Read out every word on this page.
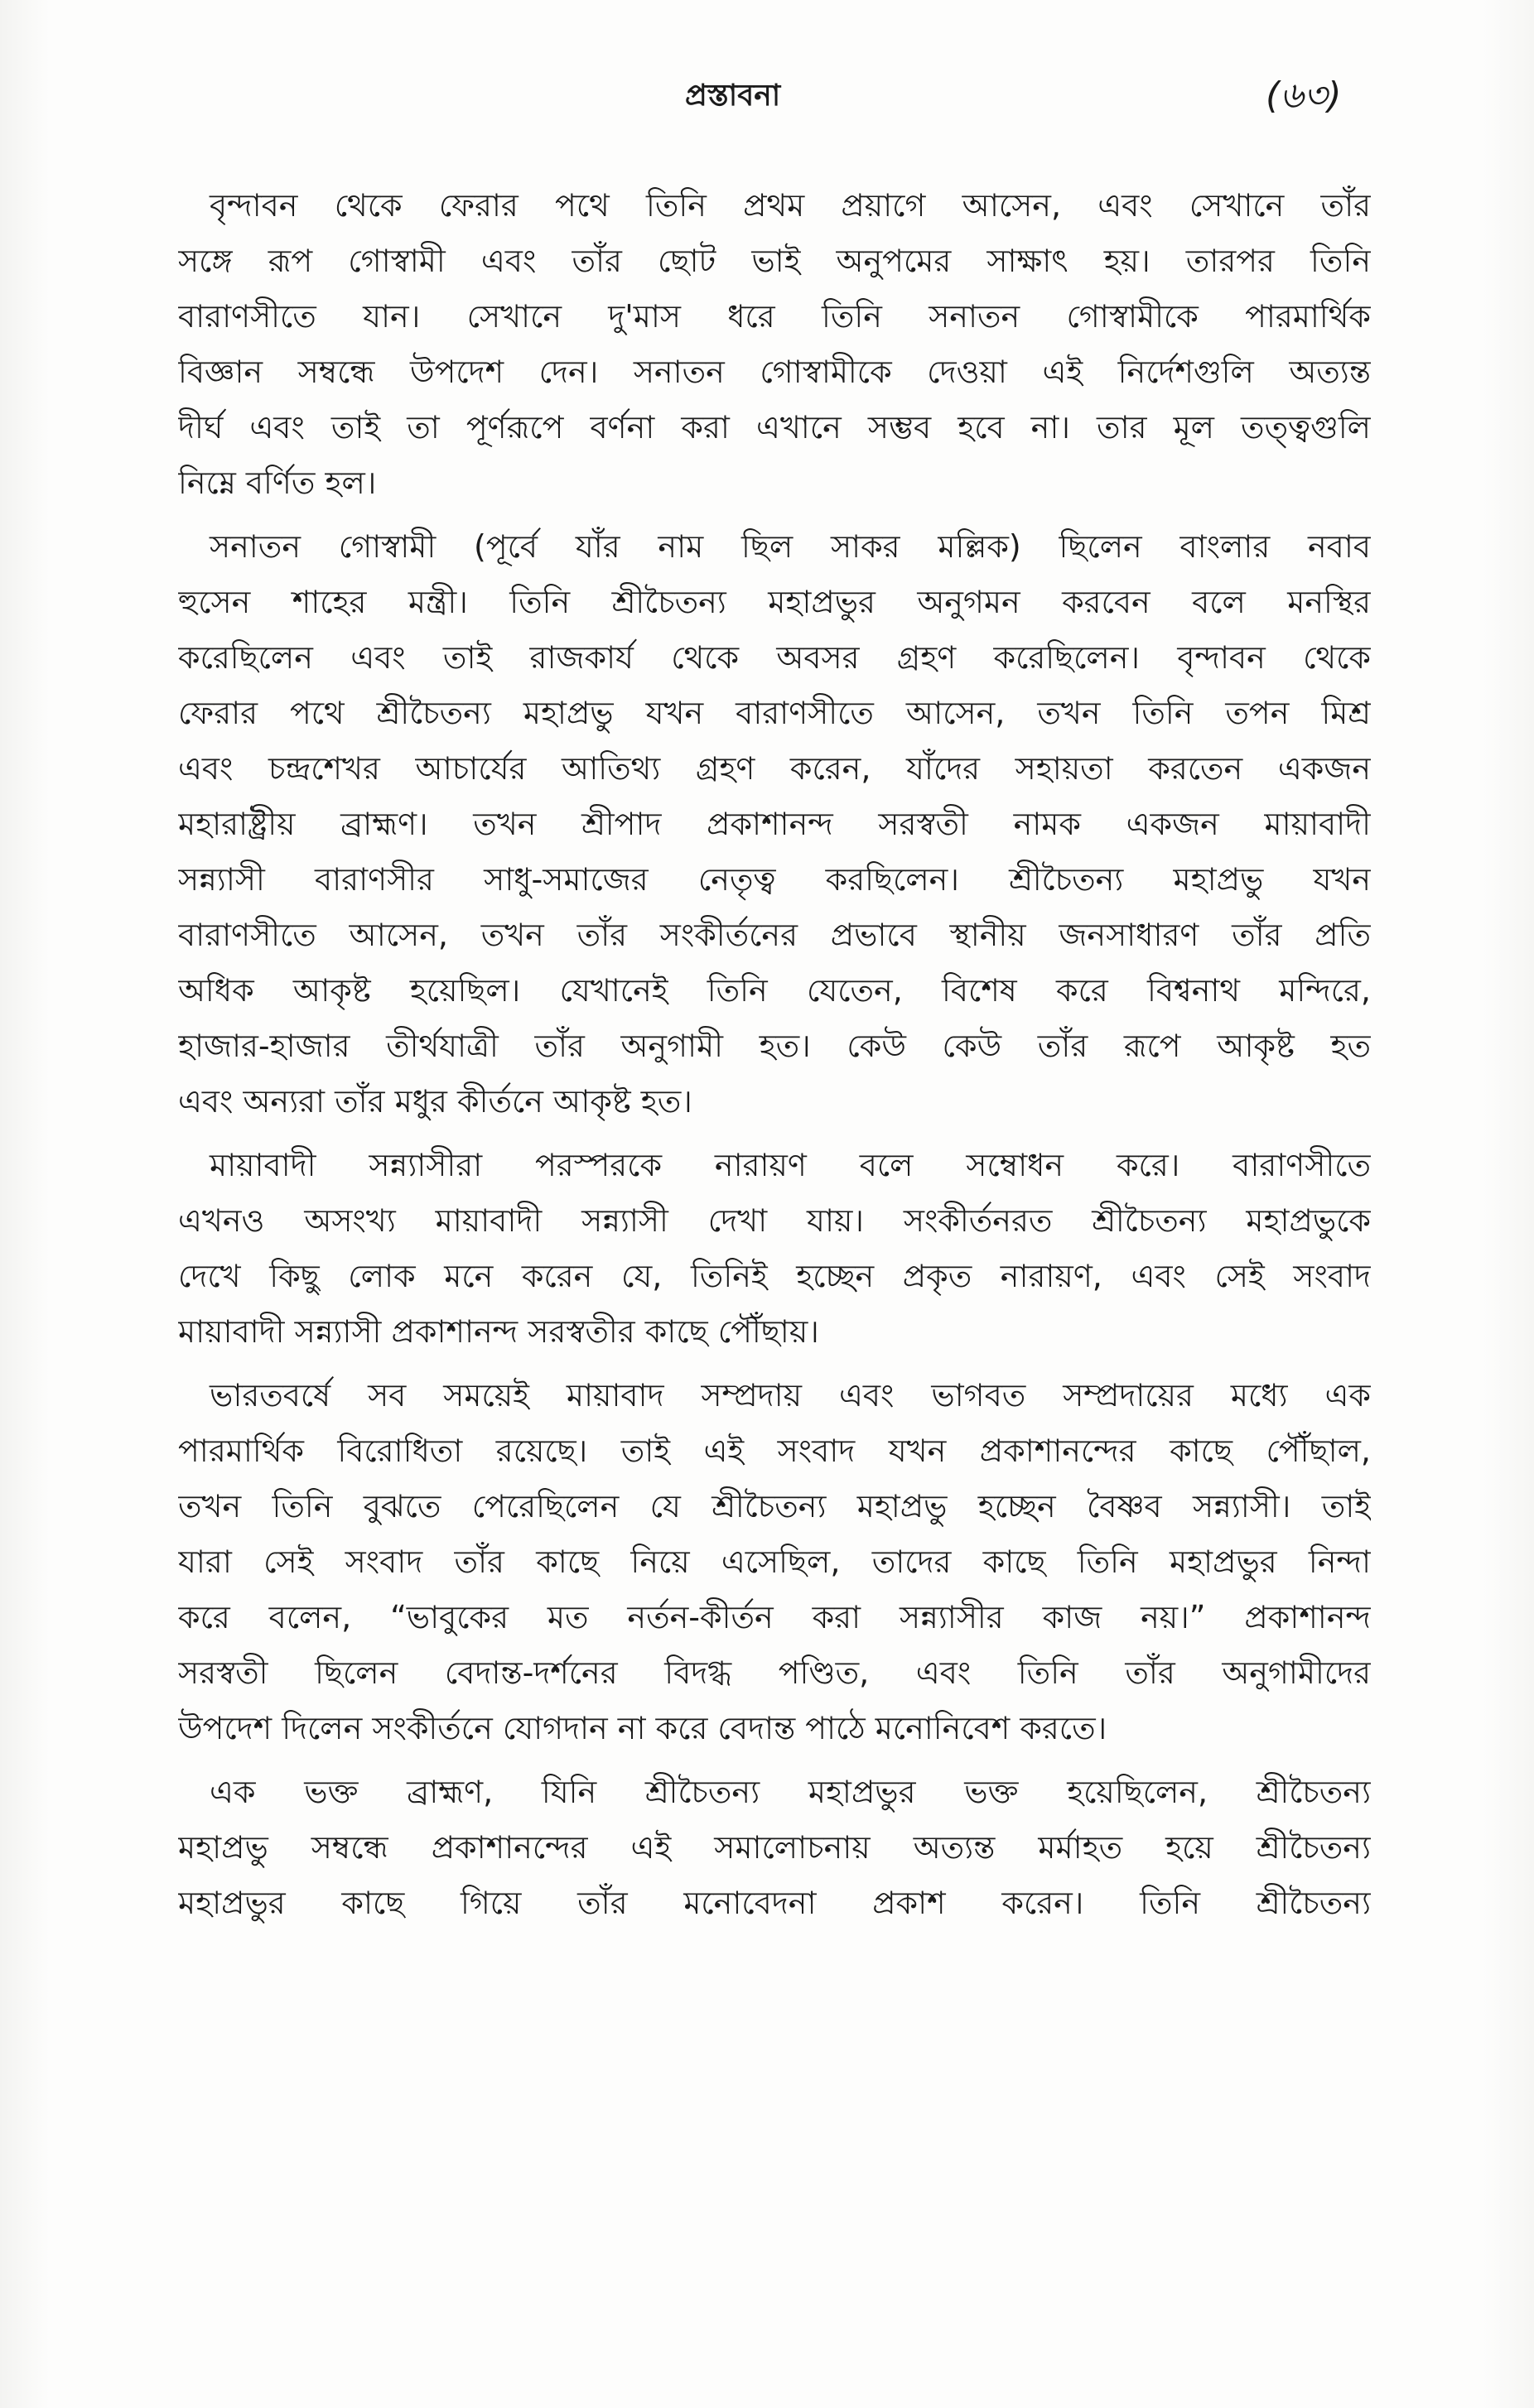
প্রস্তাবনা	(৬৩)
বৃন্দাবন থেকে ফেরার পথে তিনি প্রথম প্রয়াগে আসেন, এবং সেখানে তাঁর
সঙ্গে রূপ গোস্বামী এবং তাঁর ছোট ভাই অনুপমের সাক্ষাৎ হয়। তারপর তিনি
বারাণসীতে যান। সেখানে দু'মাস ধরে তিনি সনাতন গোস্বামীকে পারমার্থিক
বিজ্ঞান সম্বন্ধে উপদেশ দেন। সনাতন গোস্বামীকে দেওয়া এই নির্দেশগুলি অত্যন্ত
দীর্ঘ এবং তাই তা পূর্ণরূপে বর্ণনা করা এখানে সম্ভব হবে না। তার মূল তত্ত্বগুলি
নিম্নে বর্ণিত হল।
সনাতন গোস্বামী (পূর্বে যাঁর নাম ছিল সাকর মল্লিক) ছিলেন বাংলার নবাব
হুসেন শাহের মন্ত্রী। তিনি শ্রীচৈতন্য মহাপ্রভুর অনুগমন করবেন বলে মনস্থির
করেছিলেন এবং তাই রাজকার্য থেকে অবসর গ্রহণ করেছিলেন। বৃন্দাবন থেকে
ফেরার পথে শ্রীচৈতন্য মহাপ্রভু যখন বারাণসীতে আসেন, তখন তিনি তপন মিশ্র
এবং চন্দ্রশেখর আচার্যের আতিথ্য গ্রহণ করেন, যাঁদের সহায়তা করতেন একজন
মহারাষ্ট্রীয় ব্রাহ্মণ। তখন শ্রীপাদ প্রকাশানন্দ সরস্বতী নামক একজন মায়াবাদী
সন্ন্যাসী বারাণসীর সাধু-সমাজের নেতৃত্ব করছিলেন। শ্রীচৈতন্য মহাপ্রভু যখন
বারাণসীতে আসেন, তখন তাঁর সংকীর্তনের প্রভাবে স্থানীয় জনসাধারণ তাঁর প্রতি
অধিক আকৃষ্ট হয়েছিল। যেখানেই তিনি যেতেন, বিশেষ করে বিশ্বনাথ মন্দিরে,
হাজার-হাজার তীর্থযাত্রী তাঁর অনুগামী হত। কেউ কেউ তাঁর রূপে আকৃষ্ট হত
এবং অন্যরা তাঁর মধুর কীর্তনে আকৃষ্ট হত।
মায়াবাদী সন্ন্যাসীরা পরস্পরকে নারায়ণ বলে সম্বোধন করে। বারাণসীতে
এখনও অসংখ্য মায়াবাদী সন্ন্যাসী দেখা যায়। সংকীর্তনরত শ্রীচৈতন্য মহাপ্রভুকে
দেখে কিছু লোক মনে করেন যে, তিনিই হচ্ছেন প্রকৃত নারায়ণ, এবং সেই সংবাদ
মায়াবাদী সন্ন্যাসী প্রকাশানন্দ সরস্বতীর কাছে পৌঁছায়।
ভারতবর্ষে সব সময়েই মায়াবাদ সম্প্রদায় এবং ভাগবত সম্প্রদায়ের মধ্যে এক
পারমার্থিক বিরোধিতা রয়েছে। তাই এই সংবাদ যখন প্রকাশানন্দের কাছে পৌঁছাল,
তখন তিনি বুঝতে পেরেছিলেন যে শ্রীচৈতন্য মহাপ্রভু হচ্ছেন বৈষ্ণব সন্ন্যাসী। তাই
যারা সেই সংবাদ তাঁর কাছে নিয়ে এসেছিল, তাদের কাছে তিনি মহাপ্রভুর নিন্দা
করে বলেন, “ভাবুকের মত নর্তন-কীর্তন করা সন্ন্যাসীর কাজ নয়।” প্রকাশানন্দ
সরস্বতী ছিলেন বেদান্ত-দর্শনের বিদগ্ধ পণ্ডিত, এবং তিনি তাঁর অনুগামীদের
উপদেশ দিলেন সংকীর্তনে যোগদান না করে বেদান্ত পাঠে মনোনিবেশ করতে।
এক ভক্ত ব্রাহ্মণ, যিনি শ্রীচৈতন্য মহাপ্রভুর ভক্ত হয়েছিলেন, শ্রীচৈতন্য
মহাপ্রভু সম্বন্ধে প্রকাশানন্দের এই সমালোচনায় অত্যন্ত মর্মাহত হয়ে শ্রীচৈতন্য
মহাপ্রভুর কাছে গিয়ে তাঁর মনোবেদনা প্রকাশ করেন। তিনি শ্রীচৈতন্য
